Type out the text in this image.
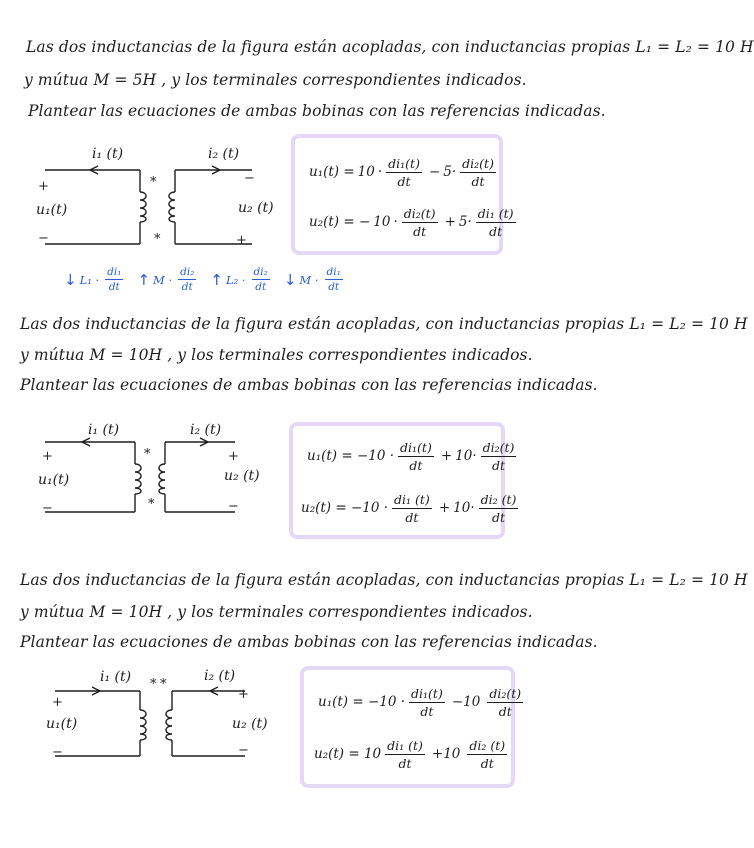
Las dos inductancias de la figura están acopladas, con inductancias propias L₁ = L₂ = 10 H
y mútua M = 5H , y los terminales correspondientes indicados.
Plantear las ecuaciones de ambas bobinas con las referencias indicadas.
i₁ (t)	i₂ (t)
u₁(t)	u₂ (t)
+
−	+
−
*
*
$u_1(t) = 10 \cdot \frac{\text{di₁(t)}}{dt} - 5 \cdot \frac{\text{di₂(t)}}{dt}$
u₂(t) = − $10 \cdot \frac{\text{di₂(t)}}{dt} + 5 \cdot \frac{\text{di₁ (t)}}{dt}$
↓ $L_1 \cdot \frac{\text{di₁}}{dt}$ ↑ $M \cdot \frac{\text{di₂}}{dt}$ ↑ $L_2 \cdot \frac{\text{di₂}}{dt}$ ↓ $M \cdot \frac{\text{di₁}}{dt}$
Las dos inductancias de la figura están acopladas, con inductancias propias L₁ = L₂ = 10 H
y mútua M = 10H , y los terminales correspondientes indicados.
Plantear las ecuaciones de ambas bobinas con las referencias indicadas.
i₁ (t)	i₂ (t)
u₁(t)	u₂ (t)
+
−
+
−
*
*
$u_1(t) = -10 \cdot \frac{\text{di₁(t)}}{dt} + 10 \cdot \frac{\text{di₂(t)}}{dt}$
$u_2(t) = -10 \cdot \frac{\text{di₁ (t)}}{dt} + 10 \cdot \frac{\text{di₂ (t)}}{dt}$
Las dos inductancias de la figura están acopladas, con inductancias propias L₁ = L₂ = 10 H
y mútua M = 10H , y los terminales correspondientes indicados.
Plantear las ecuaciones de ambas bobinas con las referencias indicadas.
i₁ (t)	i₂ (t)
u₁(t)	u₂ (t)
+
−
+
−
* *
$u_1(t) = -10 \cdot \frac{\text{di₁(t)}}{dt} -10 \frac{\text{di₂(t)}}{dt}$
$u_2(t) = 10 \frac{\text{di₁ (t)}}{dt} +10 \frac{\text{di₂ (t)}}{dt}$
